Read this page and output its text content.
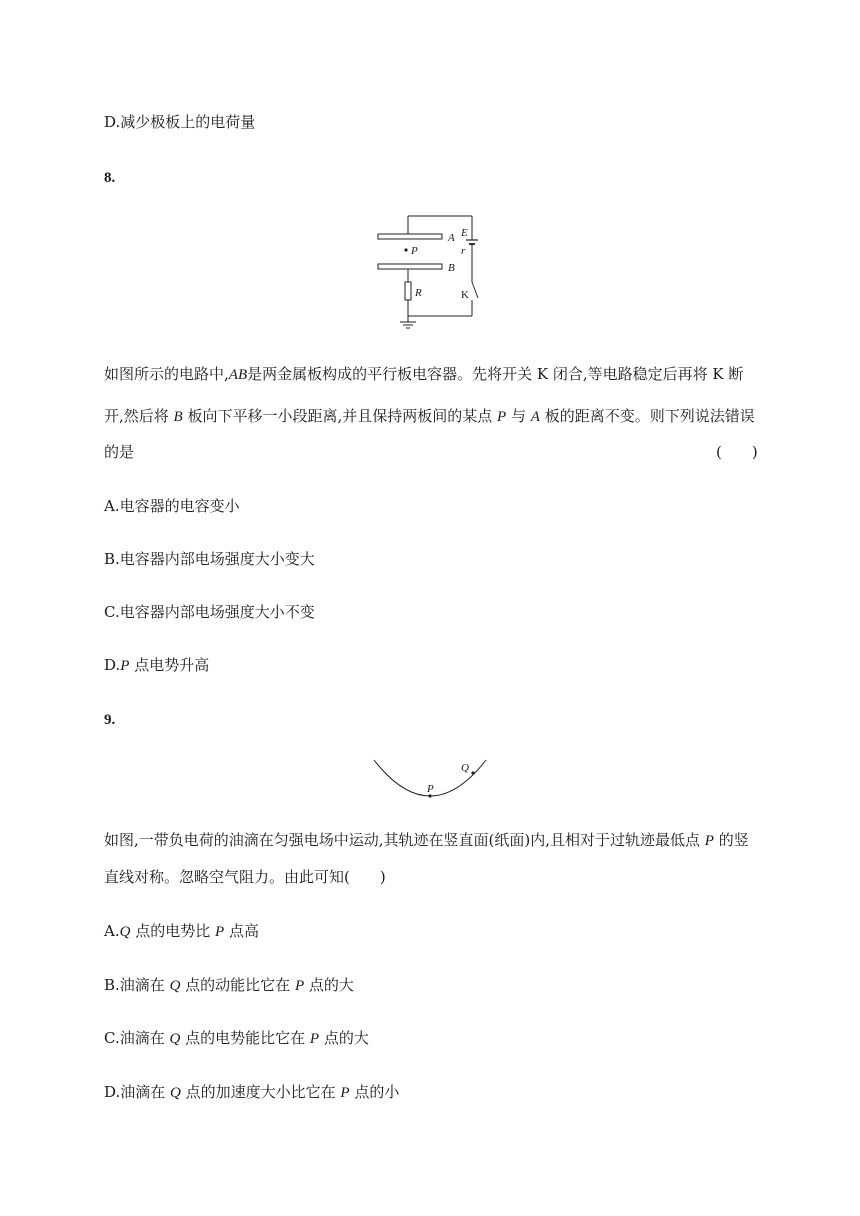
D.减少极板上的电荷量
8.
A
P
B
E
r
R	K
如图所示的电路中,AB是两金属板构成的平行板电容器。先将开关 K 闭合,等电路稳定后再将 K 断
开,然后将 B 板向下平移一小段距离,并且保持两板间的某点 P 与 A 板的距离不变。则下列说法错误
的是	(　　)
A.电容器的电容变小
B.电容器内部电场强度大小变大
C.电容器内部电场强度大小不变
D.P 点电势升高
9.
P
Q
如图,一带负电荷的油滴在匀强电场中运动,其轨迹在竖直面(纸面)内,且相对于过轨迹最低点 P 的竖
直线对称。忽略空气阻力。由此可知(　　)
A.Q 点的电势比 P 点高
B.油滴在 Q 点的动能比它在 P 点的大
C.油滴在 Q 点的电势能比它在 P 点的大
D.油滴在 Q 点的加速度大小比它在 P 点的小
